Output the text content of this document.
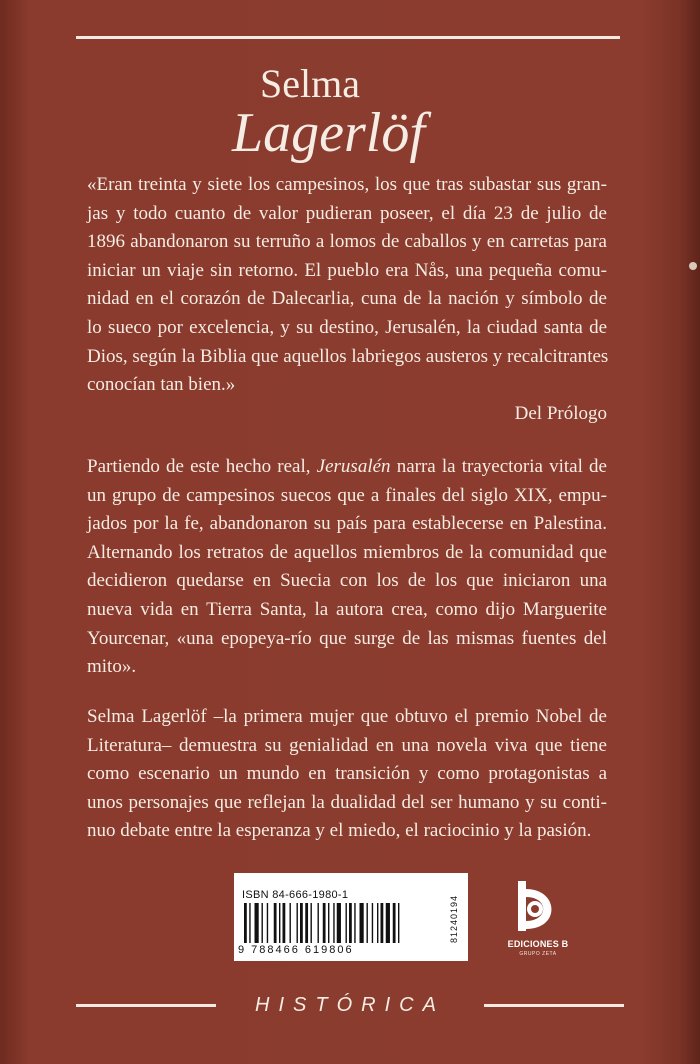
Selma
Lagerlöf

«Eran treinta y siete los campesinos, los que tras subastar sus gran-
jas y todo cuanto de valor pudieran poseer, el día 23 de julio de
1896 abandonaron su terruño a lomos de caballos y en carretas para
iniciar un viaje sin retorno. El pueblo era Nås, una pequeña comu-
nidad en el corazón de Dalecarlia, cuna de la nación y símbolo de
lo sueco por excelencia, y su destino, Jerusalén, la ciudad santa de
Dios, según la Biblia que aquellos labriegos austeros y recalcitrantes
conocían tan bien.»

Del Prólogo

Partiendo de este hecho real, Jerusalén narra la trayectoria vital de
un grupo de campesinos suecos que a finales del siglo XIX, empu-
jados por la fe, abandonaron su país para establecerse en Palestina.
Alternando los retratos de aquellos miembros de la comunidad que
decidieron quedarse en Suecia con los de los que iniciaron una
nueva vida en Tierra Santa, la autora crea, como dijo Marguerite
Yourcenar, «una epopeya-río que surge de las mismas fuentes del
mito».

Selma Lagerlöf –la primera mujer que obtuvo el premio Nobel de
Literatura– demuestra su genialidad en una novela viva que tiene
como escenario un mundo en transición y como protagonistas a
unos personajes que reflejan la dualidad del ser humano y su conti-
nuo debate entre la esperanza y el miedo, el raciocinio y la pasión.

ISBN 84-666-1980-1
9 788466 619806
81240194
EDICIONES B
GRUPO ZETA
HISTÓRICA
